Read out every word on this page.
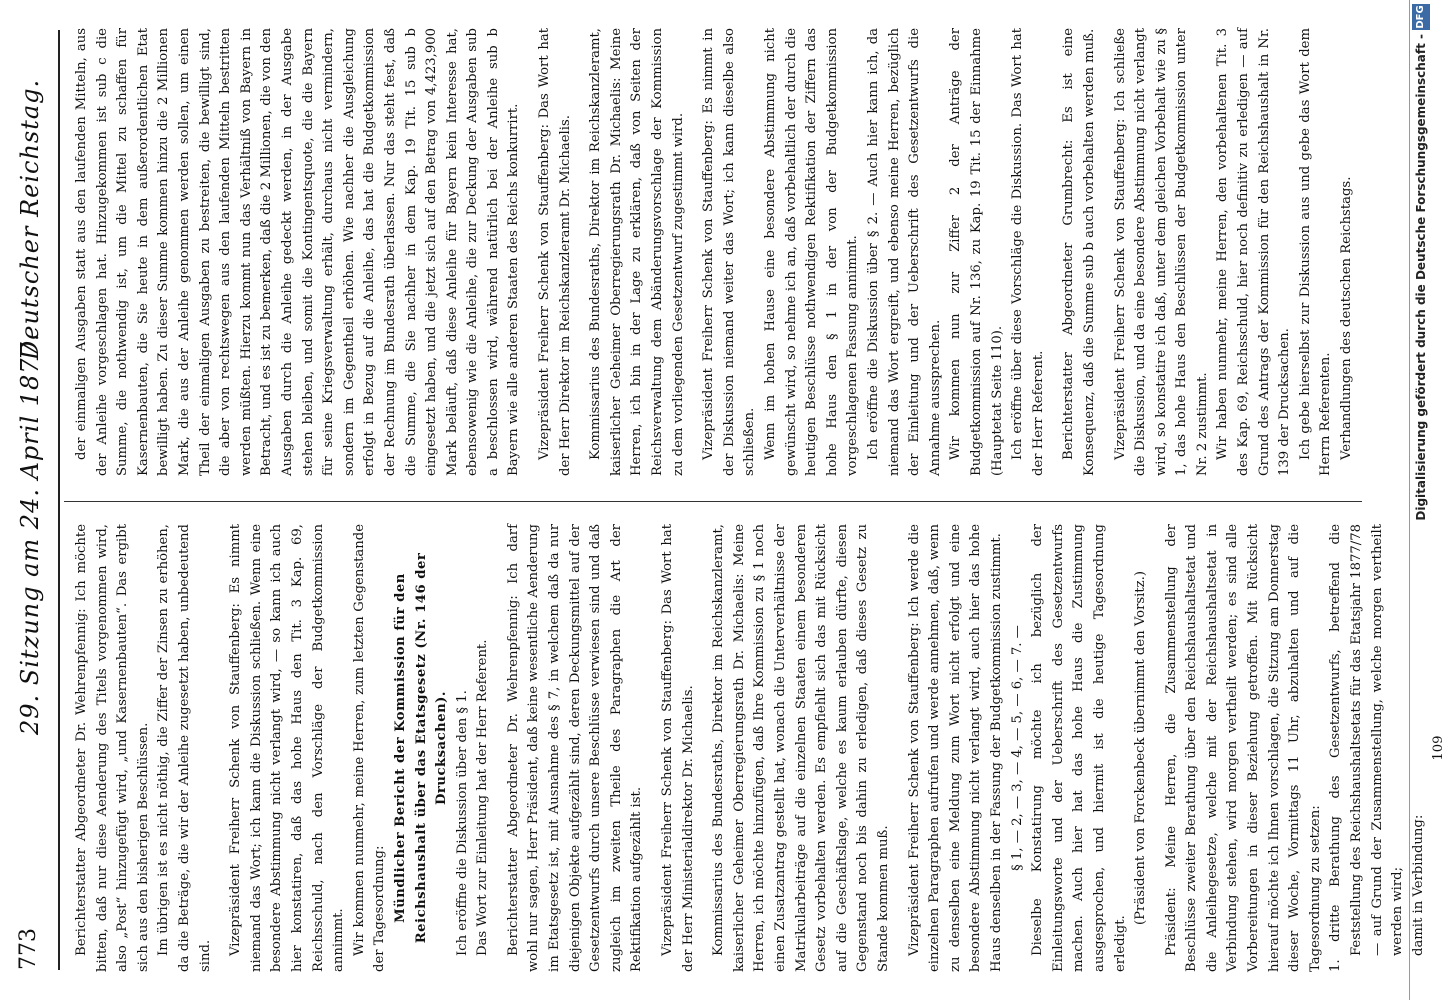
773
29. Sitzung am 24. April 1877.
Deutscher Reichstag.

Berichterstatter Abgeordneter Dr. Wehrenpfennig: Ich möchte bitten, daß nur diese Aenderung des Titels vorgenommen wird, also „Post“ hinzugefügt wird, „und Kasernenbauten“. Das ergibt sich aus den bisherigen Beschlüssen. Im übrigen ist es nicht nöthig, die Ziffer der Zinsen zu erhöhen, da die Beträge, die wir der Anleihe zugesetzt haben, unbedeutend sind. Vizepräsident Freiherr Schenk von Stauffenberg: Es nimmt niemand das Wort; ich kann die Diskussion schließen. Wenn eine besondere Abstimmung nicht verlangt wird, — so kann ich auch hier konstatiren, daß das hohe Haus den Tit. 3 Kap. 69, Reichsschuld, nach den Vorschläge der Budgetkommission annimmt. Wir kommen nunmehr, meine Herren, zum letzten Gegenstande der Tagesordnung: Mündlicher Bericht der Kommission für den Reichshaushalt über das Etatsgesetz (Nr. 146 der Drucksachen). Ich eröffne die Diskussion über den § 1. Das Wort zur Einleitung hat der Herr Referent. Berichterstatter Abgeordneter Dr. Wehrenpfennig: Ich darf wohl nur sagen, Herr Präsident, daß keine wesentliche Aenderung im Etatsgesetz ist, mit Ausnahme des § 7, in welchem daß da nur diejenigen Objekte aufgezählt sind, deren Deckungsmittel auf der Gesetzentwurfs durch unsere Beschlüsse verwiesen sind und daß zugleich im zweiten Theile des Paragraphen die Art der Rektifikation aufgezählt ist. Vizepräsident Freiherr Schenk von Stauffenberg: Das Wort hat der Herr Ministerialdirektor Dr. Michaelis. Kommissarius des Bundesraths, Direktor im Reichskanzleramt, kaiserlicher Geheimer Oberregierungsrath Dr. Michaelis: Meine Herren, ich möchte hinzufügen, daß Ihre Kommission zu § 1 noch einen Zusatzantrag gestellt hat, wonach die Unterverhältnisse der Matrikularbeiträge auf die einzelnen Staaten einem besonderen Gesetz vorbehalten werden. Es empfiehlt sich das mit Rücksicht auf die Geschäftslage, welche es kaum erlauben dürfte, diesen Gegenstand noch bis dahin zu erledigen, daß dieses Gesetz zu Stande kommen muß. Vizepräsident Freiherr Schenk von Stauffenberg: Ich werde die einzelnen Paragraphen aufrufen und werde annehmen, daß, wenn zu denselben eine Meldung zum Wort nicht erfolgt und eine besondere Abstimmung nicht verlangt wird, auch hier das hohe Haus denselben in der Fassung der Budgetkommission zustimmt. § 1, — 2, — 3, — 4, — 5, — 6, — 7. — Dieselbe Konstatirung möchte ich bezüglich der Einleitungsworte und der Ueberschrift des Gesetzentwurfs machen. Auch hier hat das hohe Haus die Zustimmung ausgesprochen, und hiermit ist die heutige Tagesordnung erledigt.

(Präsident von Forckenbeck übernimmt den Vorsitz.) Präsident: Meine Herren, die Zusammenstellung der Beschlüsse zweiter Berathung über den Reichshaushaltsetat und die Anleihegesetze, welche mit der Reichshaushaltsetat in Verbindung stehen, wird morgen vertheilt werden; es sind alle Vorbereitungen in dieser Beziehung getroffen. Mit Rücksicht hierauf möchte ich Ihnen vorschlagen, die Sitzung am Donnerstag dieser Woche, Vormittags 11 Uhr, abzuhalten und auf die Tagesordnung zu setzen: 1. dritte Berathung des Gesetzentwurfs, betreffend die Feststellung des Reichshaushaltsetats für das Etatsjahr 1877/78 — auf Grund der Zusammenstellung, welche morgen vertheilt werden wird; damit in Verbindung:

109

der einmaligen Ausgaben statt aus den laufenden Mitteln, aus der Anleihe vorgeschlagen hat. Hinzugekommen ist sub c die Summe, die nothwendig ist, um die Mittel zu schaffen für Kasernenbauten, die Sie heute in dem außerordentlichen Etat bewilligt haben. Zu dieser Summe kommen hinzu die 2 Millionen Mark, die aus der Anleihe genommen werden sollen, um einen Theil der einmaligen Ausgaben zu bestreiten, die bewilligt sind, die aber von rechtswegen aus den laufenden Mitteln bestritten werden müßten. Hierzu kommt nun das Verhältniß von Bayern in Betracht, und es ist zu bemerken, daß die 2 Millionen, die von den Ausgaben durch die Anleihe gedeckt werden, in der Ausgabe stehen bleiben, und somit die Kontingentsquote, die die Bayern für seine Kriegsverwaltung erhält, durchaus nicht vermindern, sondern im Gegentheil erhöhen. Wie nachher die Ausgleichung erfolgt in Bezug auf die Anleihe, das hat die Budgetkommission der Rechnung im Bundesrath überlassen. Nur das steht fest, daß die Summe, die Sie nachher in dem Kap. 19 Tit. 15 sub b eingesetzt haben, und die jetzt sich auf den Betrag von 4,423,900 Mark beläuft, daß diese Anleihe für Bayern kein Interesse hat, ebensowenig wie die Anleihe, die zur Deckung der Ausgaben sub a beschlossen wird, während natürlich bei der Anleihe sub b Bayern wie alle anderen Staaten des Reichs konkurrirt. Vizepräsident Freiherr Schenk von Stauffenberg: Das Wort hat der Herr Direktor im Reichskanzleramt Dr. Michaelis. Kommissarius des Bundesraths, Direktor im Reichskanzleramt, kaiserlicher Geheimer Oberregierungsrath Dr. Michaelis: Meine Herren, ich bin in der Lage zu erklären, daß von Seiten der Reichsverwaltung dem Abänderungsvorschlage der Kommission zu dem vorliegenden Gesetzentwurf zugestimmt wird. Vizepräsident Freiherr Schenk von Stauffenberg: Es nimmt in der Diskussion niemand weiter das Wort; ich kann dieselbe also schließen. Wenn im hohen Hause eine besondere Abstimmung nicht gewünscht wird, so nehme ich an, daß vorbehaltlich der durch die heutigen Beschlüsse nothwendigen Rektifikation der Ziffern das hohe Haus den § 1 in der von der Budgetkommission vorgeschlagenen Fassung annimmt. Ich eröffne die Diskussion über § 2. — Auch hier kann ich, da niemand das Wort ergreift, und ebenso meine Herren, bezüglich der Einleitung und der Ueberschrift des Gesetzentwurfs die Annahme aussprechen. Wir kommen nun zur Ziffer 2 der Anträge der Budgetkommission auf Nr. 136, zu Kap. 19 Tit. 15 der Einnahme (Hauptetat Seite 110). Ich eröffne über diese Vorschläge die Diskussion. Das Wort hat der Herr Referent. Berichterstatter Abgeordneter Grumbrecht: Es ist eine Konsequenz, daß die Summe sub b auch vorbehalten werden muß. Vizepräsident Freiherr Schenk von Stauffenberg: Ich schließe die Diskussion, und da eine besondere Abstimmung nicht verlangt wird, so konstatire ich daß, unter dem gleichen Vorbehalt wie zu § 1, das hohe Haus den Beschlüssen der Budgetkommission unter Nr. 2 zustimmt. Wir haben nunmehr, meine Herren, den vorbehaltenen Tit. 3 des Kap. 69, Reichsschuld, hier noch definitiv zu erledigen — auf Grund des Antrags der Kommission für den Reichshaushalt in Nr. 139 der Drucksachen. Ich gebe hierselbst zur Diskussion aus und gebe das Wort dem Herrn Referenten. Verhandlungen des deutschen Reichstags.	Digitalisierung gefördert durch die Deutsche Forschungsgemeinschaft -
DFG
